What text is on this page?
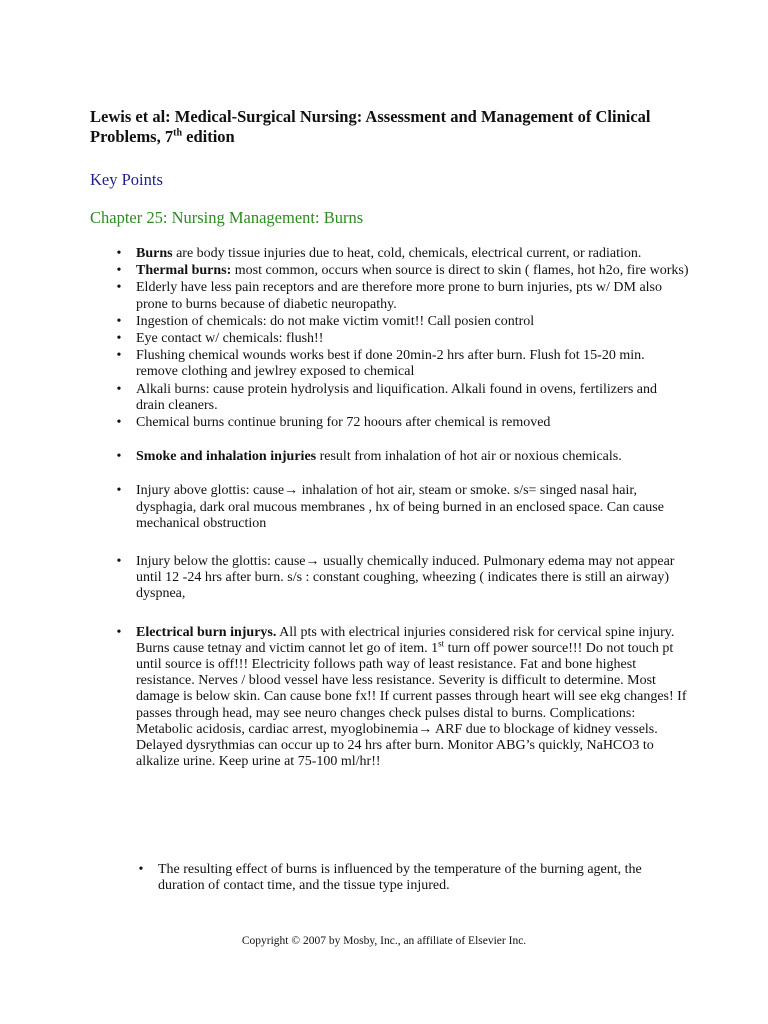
Lewis et al: Medical-Surgical Nursing: Assessment and Management of Clinical Problems, 7th edition
Key Points
Chapter 25: Nursing Management: Burns
• Burns are body tissue injuries due to heat, cold, chemicals, electrical current, or radiation.
• Thermal burns: most common, occurs when source is direct to skin ( flames, hot h2o, fire works)
• Elderly have less pain receptors and are therefore more prone to burn injuries, pts w/ DM also prone to burns because of diabetic neuropathy.
• Ingestion of chemicals: do not make victim vomit!! Call posien control
• Eye contact w/ chemicals: flush!!
• Flushing chemical wounds works best if done 20min-2 hrs after burn. Flush fot 15-20 min. remove clothing and jewlrey exposed to chemical
• Alkali burns: cause protein hydrolysis and liquification. Alkali found in ovens, fertilizers and drain cleaners.
• Chemical burns continue bruning for 72 hoours after chemical is removed
• Smoke and inhalation injuries result from inhalation of hot air or noxious chemicals.
• Injury above glottis: cause→ inhalation of hot air, steam or smoke. s/s= singed nasal hair, dysphagia, dark oral mucous membranes , hx of being burned in an enclosed space. Can cause mechanical obstruction
• Injury below the glottis: cause→ usually chemically induced. Pulmonary edema may not appear until 12 -24 hrs after burn. s/s : constant coughing, wheezing ( indicates there is still an airway) dyspnea,
• Electrical burn injurys. All pts with electrical injuries considered risk for cervical spine injury. Burns cause tetnay and victim cannot let go of item. 1st turn off power source!!! Do not touch pt until source is off!!! Electricity follows path way of least resistance. Fat and bone highest resistance. Nerves / blood vessel have less resistance. Severity is difficult to determine. Most damage is below skin. Can cause bone fx!! If current passes through heart will see ekg changes! If passes through head, may see neuro changes check pulses distal to burns. Complications: Metabolic acidosis, cardiac arrest, myoglobinemia→ ARF due to blockage of kidney vessels. Delayed dysrythmias can occur up to 24 hrs after burn. Monitor ABG’s quickly, NaHCO3 to alkalize urine. Keep urine at 75-100 ml/hr!!
• The resulting effect of burns is influenced by the temperature of the burning agent, the duration of contact time, and the tissue type injured.
Copyright © 2007 by Mosby, Inc., an affiliate of Elsevier Inc.
